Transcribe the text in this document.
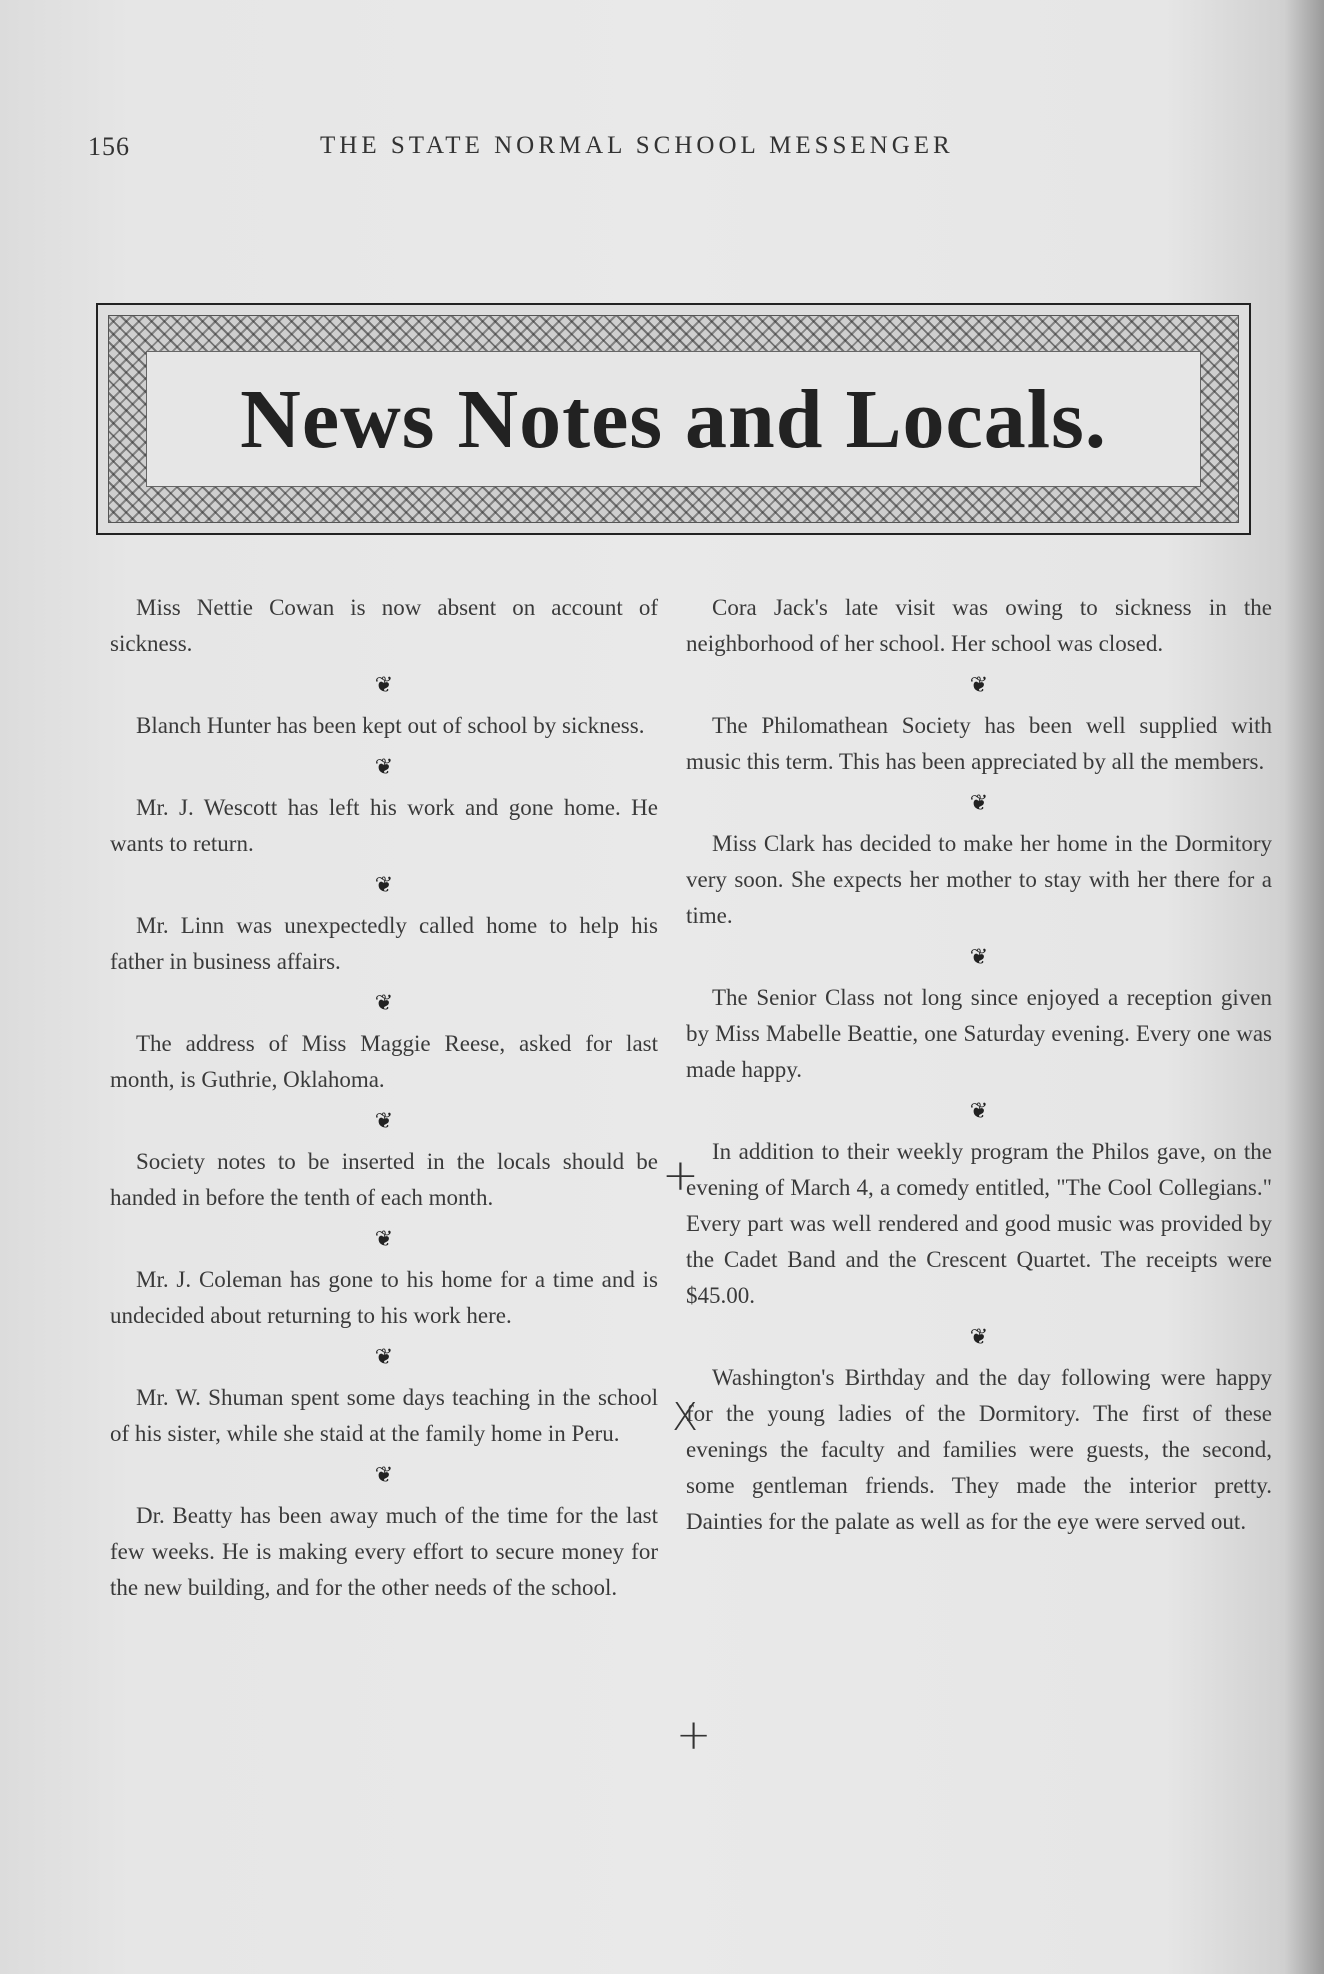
156	THE STATE NORMAL SCHOOL MESSENGER
News Notes and Locals.

Miss Nettie Cowan is now absent on account of sickness.

❦

Blanch Hunter has been kept out of school by sickness.

❦

Mr. J. Wescott has left his work and gone home. He wants to return.

❦

Mr. Linn was unexpectedly called home to help his father in business affairs.

❦

The address of Miss Maggie Reese, asked for last month, is Guthrie, Oklahoma.

❦

Society notes to be inserted in the locals should be handed in before the tenth of each month.

❦

Mr. J. Coleman has gone to his home for a time and is undecided about returning to his work here.

❦

Mr. W. Shuman spent some days teaching in the school of his sister, while she staid at the family home in Peru.

❦

Dr. Beatty has been away much of the time for the last few weeks. He is making every effort to secure money for the new building, and for the other needs of the school.

Cora Jack's late visit was owing to sickness in the neighborhood of her school. Her school was closed.

❦

The Philomathean Society has been well supplied with music this term. This has been appreciated by all the members.

❦

Miss Clark has decided to make her home in the Dormitory very soon. She expects her mother to stay with her there for a time.

❦

The Senior Class not long since enjoyed a reception given by Miss Mabelle Beattie, one Saturday evening. Every one was made happy.

❦

In addition to their weekly program the Philos gave, on the evening of March 4, a comedy entitled, "The Cool Collegians." Every part was well rendered and good music was provided by the Cadet Band and the Crescent Quartet. The receipts were $45.00.

❦

Washington's Birthday and the day following were happy for the young ladies of the Dormitory. The first of these evenings the faculty and families were guests, the second, some gentleman friends. They made the interior pretty. Dainties for the palate as well as for the eye were served out.

+
X
+
